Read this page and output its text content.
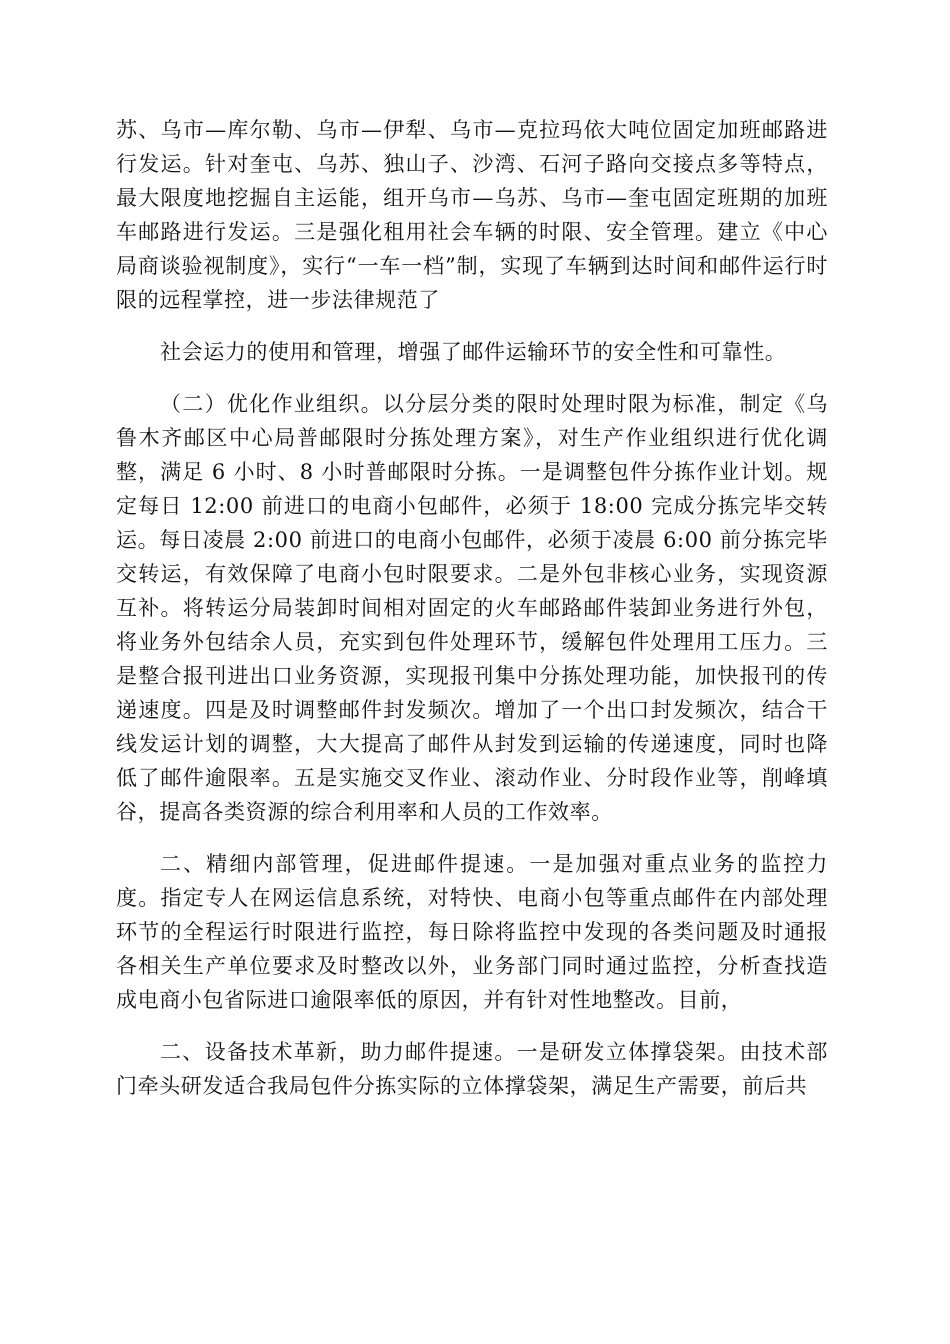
苏、乌市—库尔勒、乌市—伊犁、乌市—克拉玛依大吨位固定加班邮路进行发运。针对奎屯、乌苏、独山子、沙湾、石河子路向交接点多等特点，最大限度地挖掘自主运能，组开乌市—乌苏、乌市—奎屯固定班期的加班车邮路进行发运。三是强化租用社会车辆的时限、安全管理。建立《中心局商谈验视制度》，实行“一车一档”制，实现了车辆到达时间和邮件运行时限的远程掌控，进一步法律规范了

社会运力的使用和管理，增强了邮件运输环节的安全性和可靠性。

（二）优化作业组织。以分层分类的限时处理时限为标准，制定《乌鲁木齐邮区中心局普邮限时分拣处理方案》，对生产作业组织进行优化调整，满足 6 小时、8 小时普邮限时分拣。一是调整包件分拣作业计划。规定每日 12:00 前进口的电商小包邮件，必须于 18:00 完成分拣完毕交转运。每日凌晨 2:00 前进口的电商小包邮件，必须于凌晨 6:00 前分拣完毕交转运，有效保障了电商小包时限要求。二是外包非核心业务，实现资源互补。将转运分局装卸时间相对固定的火车邮路邮件装卸业务进行外包，将业务外包结余人员，充实到包件处理环节，缓解包件处理用工压力。三是整合报刊进出口业务资源，实现报刊集中分拣处理功能，加快报刊的传递速度。四是及时调整邮件封发频次。增加了一个出口封发频次，结合干线发运计划的调整，大大提高了邮件从封发到运输的传递速度，同时也降低了邮件逾限率。五是实施交叉作业、滚动作业、分时段作业等，削峰填谷，提高各类资源的综合利用率和人员的工作效率。

二、精细内部管理，促进邮件提速。一是加强对重点业务的监控力度。指定专人在网运信息系统，对特快、电商小包等重点邮件在内部处理环节的全程运行时限进行监控，每日除将监控中发现的各类问题及时通报各相关生产单位要求及时整改以外，业务部门同时通过监控，分析查找造成电商小包省际进口逾限率低的原因，并有针对性地整改。目前，

二、设备技术革新，助力邮件提速。一是研发立体撑袋架。由技术部门牵头研发适合我局包件分拣实际的立体撑袋架，满足生产需要，前后共
